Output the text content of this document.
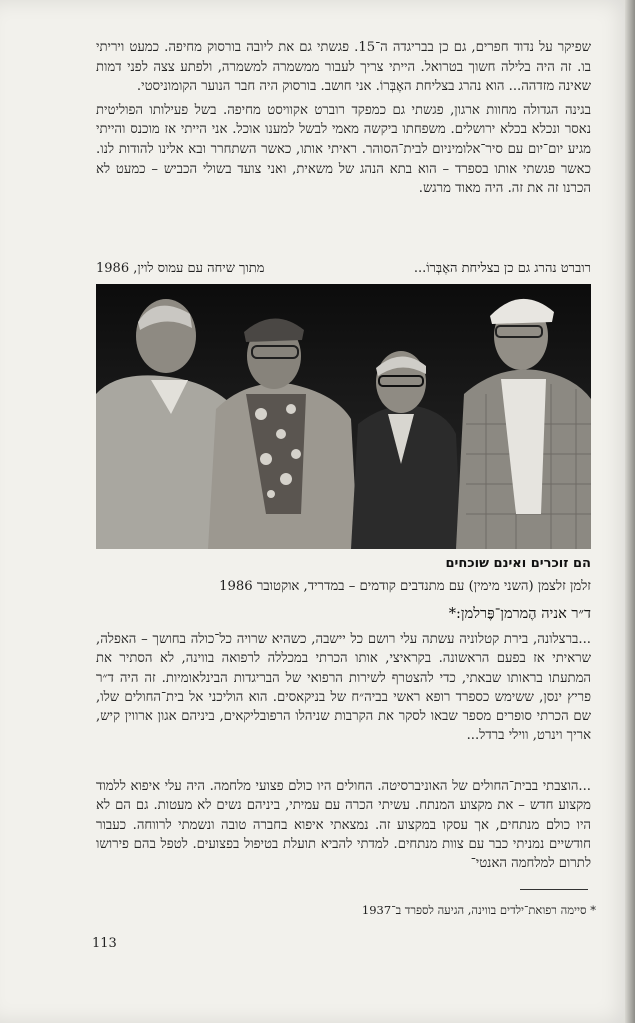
שפיקר על נדוד חפרים, גם כן בבריגדה ה־15. פגשתי גם את ליובה בורסוק מחיפה. כמעט ויריתי בו. זה היה בלילה חשוך בטרואל. הייתי צריך לעבור ממשמרה למשמרה, ולפתע צצה לפני דמות שאינה מזדהה... הוא נהרג בצליחת האֶבְּרוֹ. אני חושב. בורסוק היה חבר הנוער הקומוניסטי.

בגינה הגדולה מחוות ארגון, פגשתי גם כמפקד רוברט אקוויסט מחיפה. בשל פעילותו הפוליטית נאסר ונכלא בכלא ירושלים. משפחתו ביקשה מאמי לבשל למענו אוכל. אני הייתי אז מוכנס והייתי מגיע יום־יום עם סיר־אלומיניום לבית־הסוהר. ראיתי אותו, כאשר השתחרר ובא אלינו להודות לנו. כאשר פגשתי אותו בספרד – הוא בתא הנהג של משאית, ואני צועד בשולי הכביש – כמעט לא הכרנו זה את זה. היה מאוד מרגש.

רוברט נהרג גם כן בצליחת האֶבְּרוֹ...
מתוך שיחה עם עמוס לוין, 1986
הם זוכרים ואינם שוכחים
זלמן זלצמן (השני מימין) עם מתנדבים קודמים – במדריד, אוקטובר 1986
ד״ר אניה הֶמרמן־פֶּרלמן:*

...ברצלונה, בירת קטלוניה עשתה עלי רושם כל יישבה, כשהיא שרויה כל־כולה בחושך – האפלה, שראיתי אז בפעם הראשונה. בקראיצי, אותו הכרתי במכללה לרפואה בווינה, לא הסתיר את המתעתו בראותו שבאתי, כדי להצטרף לשירות הרפואי של הבריגדות הבינלאומיות. זה היה ד״ר פריץ ינסן, ששימש כספרד רופא ראשי בביה״ח של בניקאסים. הוא הוליכני אל בית־החולים שלו, שם הכרתי סופרים מספר שבאו לסקר את הקרבות שניהלו הרפובליקאים, ביניהם אגון ארווין קיש, אריך וינרט, ווילי ברדל...

...הוצבתי בבית־החולים של האוניברסיטה. החולים היו כולם פצועי מלחמה. היה עלי איפוא ללמוד מקצוע חדש – את מקצוע המנתח. עשיתי הכרה עם עמיתי, ביניהם נשים לא מעטות. גם הם לא היו כולם מנתחים, אך עסקו במקצוע זה. נמצאתי איפוא בחברה טובה ונשמתי לרווחה. כעבור חודשיים נמניתי כבר עם צוות מנתחים. למדתי להביא תועלת בטיפול בפצועים. לטפל בהם פירושו לתרום למלחמה האנטי־

* סיימה רפואת־ילדים בווינה, הגיעה לספרד ב־1937
113
